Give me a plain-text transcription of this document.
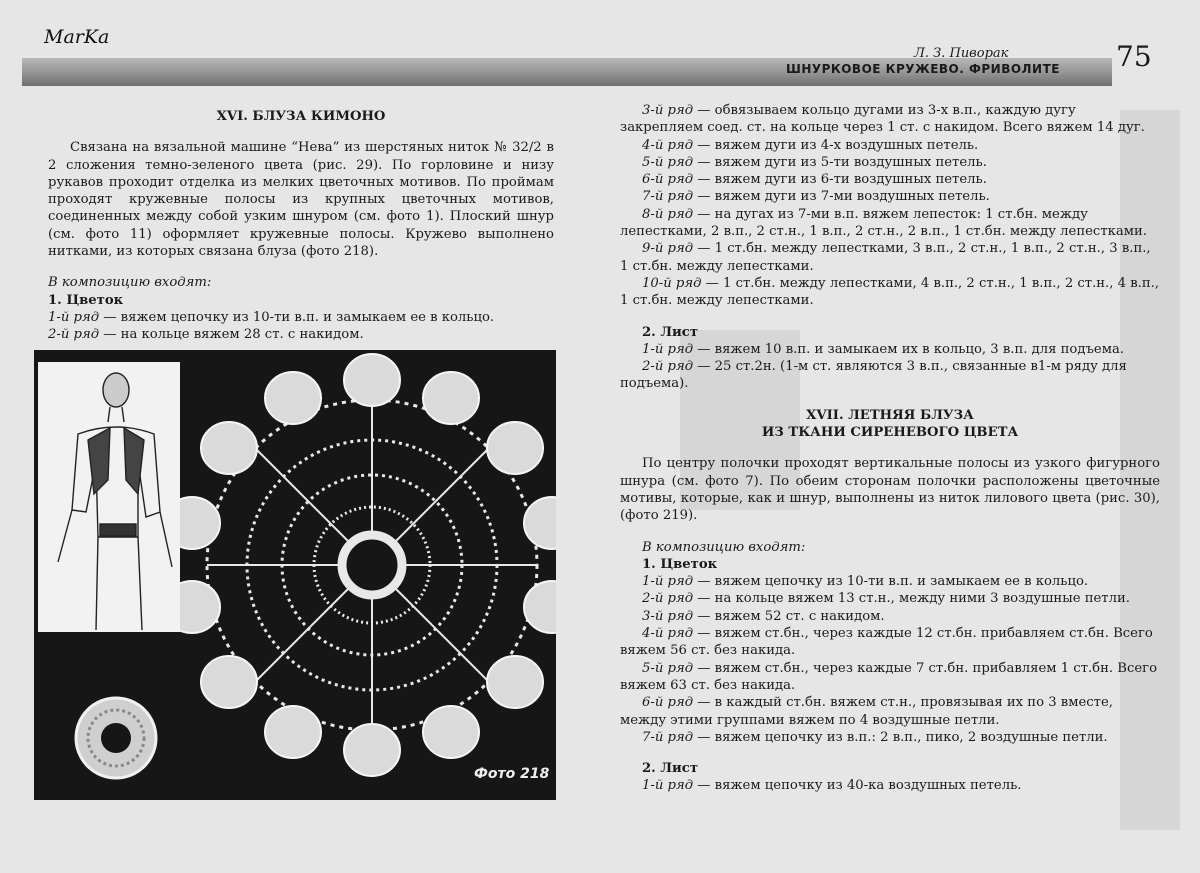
MarKa
Л. З. Пиворак
ШНУРКОВОЕ КРУЖЕВО. ФРИВОЛИТЕ 75

XVI. БЛУЗА КИМОНО

Связана на вязальной машине “Нева” из шерстяных ниток № 32/2 в 2 сложения темно-зеленого цвета (рис. 29). По горловине и низу рукавов проходит отделка из мелких цветочных мотивов. По проймам проходят кружевные полосы из крупных цветочных мотивов, соединенных между собой узким шнуром (см. фото 1). Плоский шнур (см. фото 11) оформляет кружевные полосы. Кружево выполнено нитками, из которых связана блуза (фото 218).

В композицию входят:

1. Цветок

1-й ряд — вяжем цепочку из 10-ти в.п. и замыкаем ее в кольцо.

2-й ряд — на кольце вяжем 28 ст. с накидом.

Фото 218

3-й ряд — обвязываем кольцо дугами из 3-х в.п., каждую дугу закрепляем соед. ст. на кольце через 1 ст. с накидом. Всего вяжем 14 дуг.

4-й ряд — вяжем дуги из 4-х воздушных петель.

5-й ряд — вяжем дуги из 5-ти воздушных петель.

6-й ряд — вяжем дуги из 6-ти воздушных петель.

7-й ряд — вяжем дуги из 7-ми воздушных петель.

8-й ряд — на дугах из 7-ми в.п. вяжем лепесток: 1 ст.бн. между лепестками, 2 в.п., 2 ст.н., 1 в.п., 2 ст.н., 2 в.п., 1 ст.бн. между лепестками.

9-й ряд — 1 ст.бн. между лепестками, 3 в.п., 2 ст.н., 1 в.п., 2 ст.н., 3 в.п., 1 ст.бн. между лепестками.

10-й ряд — 1 ст.бн. между лепестками, 4 в.п., 2 ст.н., 1 в.п., 2 ст.н., 4 в.п., 1 ст.бн. между лепестками.

2. Лист

1-й ряд — вяжем 10 в.п. и замыкаем их в кольцо, 3 в.п. для подъема.

2-й ряд — 25 ст.2н. (1-м ст. являются 3 в.п., связанные в1-м ряду для подъема).

XVII. ЛЕТНЯЯ БЛУЗА

ИЗ ТКАНИ СИРЕНЕВОГО ЦВЕТА

По центру полочки проходят вертикальные полосы из узкого фигурного шнура (см. фото 7). По обеим сторонам полочки расположены цветочные мотивы, которые, как и шнур, выполнены из ниток лилового цвета (рис. 30), (фото 219).

В композицию входят:

1. Цветок

1-й ряд — вяжем цепочку из 10-ти в.п. и замыкаем ее в кольцо.

2-й ряд — на кольце вяжем 13 ст.н., между ними 3 воздушные петли.

3-й ряд — вяжем 52 ст. с накидом.

4-й ряд — вяжем ст.бн., через каждые 12 ст.бн. прибавляем ст.бн. Всего вяжем 56 ст. без накида.

5-й ряд — вяжем ст.бн., через каждые 7 ст.бн. прибавляем 1 ст.бн. Всего вяжем 63 ст. без накида.

6-й ряд — в каждый ст.бн. вяжем ст.н., провязывая их по 3 вместе, между этими группами вяжем по 4 воздушные петли.

7-й ряд — вяжем цепочку из в.п.: 2 в.п., пико, 2 воздушные петли.

2. Лист

1-й ряд — вяжем цепочку из 40-ка воздушных петель.
